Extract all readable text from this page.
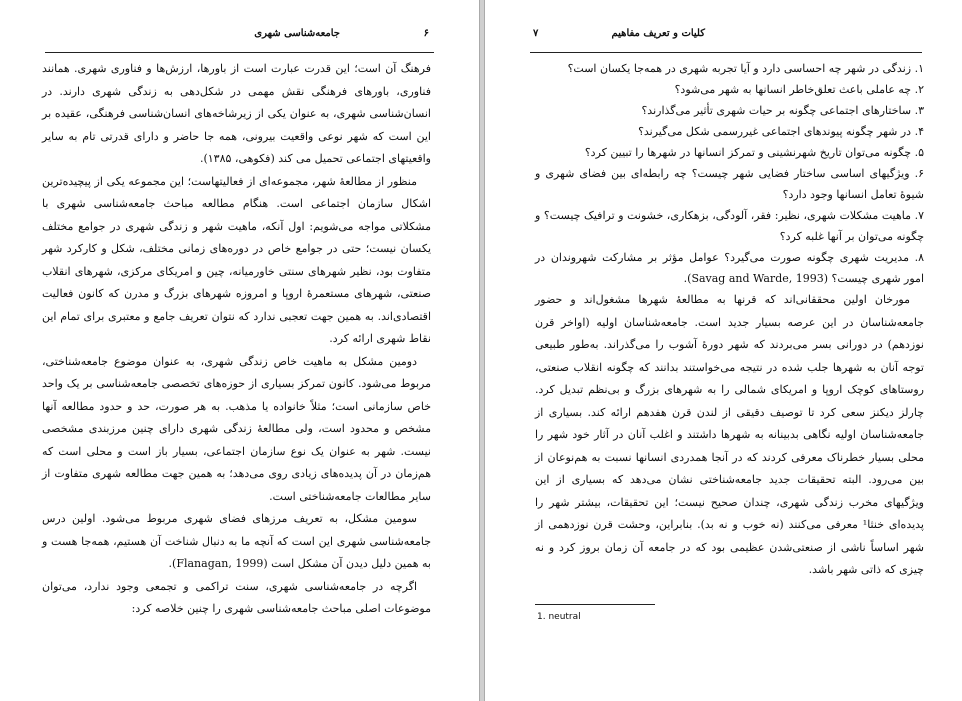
۶
جامعه‌شناسی شهری

فرهنگ آن است؛ این قدرت عبارت است از باورها، ارزش‌ها و فناوری شهری. همانند فناوری، باورهای فرهنگی نقش مهمی در شکل‌دهی به زندگی شهری دارند. در انسان‌شناسی شهری، به عنوان یکی از زیرشاخه‌های انسان‌شناسی فرهنگی، عقیده بر این است که شهر نوعی واقعیت بیرونی، همه جا حاضر و دارای قدرتی تام به سایر واقعیتهای اجتماعی تحمیل می کند (فکوهی، ۱۳۸۵).

منظور از مطالعهٔ شهر، مجموعه‌ای از فعالیتهاست؛ این مجموعه یکی از پیچیده‌ترین اشکال سازمان اجتماعی است. هنگام مطالعه مباحث جامعه‌شناسی شهری با مشکلاتی مواجه می‌شویم: اول آنکه، ماهیت شهر و زندگی شهری در جوامع مختلف یکسان نیست؛ حتی در جوامع خاص در دوره‌های زمانی مختلف، شکل و کارکرد شهر متفاوت بود، نظیر شهرهای سنتی خاورمیانه، چین و امریکای مرکزی، شهرهای انقلاب صنعتی، شهرهای مستعمرهٔ اروپا و امروزه شهرهای بزرگ و مدرن که کانون فعالیت اقتصادی‌اند. به همین جهت تعجبی ندارد که نتوان تعریف جامع و معتبری برای تمام این نقاط شهری ارائه کرد.

دومین مشکل به ماهیت خاص زندگی شهری، به عنوان موضوع جامعه‌شناختی، مربوط می‌شود. کانون تمرکز بسیاری از حوزه‌های تخصصی جامعه‌شناسی بر یک واحد خاص سازمانی است؛ مثلاً خانواده یا مذهب. به هر صورت، حد و حدود مطالعه آنها مشخص و محدود است، ولی مطالعهٔ زندگی شهری دارای چنین مرزبندی مشخصی نیست. شهر به عنوان یک نوع سازمان اجتماعی، بسیار باز است و محلی است که هم‌زمان در آن پدیده‌های زیادی روی می‌دهد؛ به همین جهت مطالعه شهری متفاوت از سایر مطالعات جامعه‌شناختی است.

سومین مشکل، به تعریف مرزهای فضای شهری مربوط می‌شود. اولین درس جامعه‌شناسی شهری این است که آنچه ما به دنبال شناخت آن هستیم، همه‌جا هست و به همین دلیل دیدن آن مشکل است (Flanagan, 1999).

اگرچه در جامعه‌شناسی شهری، سنت تراکمی و تجمعی وجود ندارد، می‌توان موضوعات اصلی مباحث جامعه‌شناسی شهری را چنین خلاصه کرد:

۷	کلیات و تعریف مفاهیم

۱. زندگی در شهر چه احساسی دارد و آیا تجربه شهری در همه‌جا یکسان است؟

۲. چه عاملی باعث تعلق‌خاطر انسانها به شهر می‌شود؟

۳. ساختارهای اجتماعی چگونه بر حیات شهری تأثیر می‌گذارند؟

۴. در شهر چگونه پیوندهای اجتماعی غیررسمی شکل می‌گیرند؟

۵. چگونه می‌توان تاریخ شهرنشینی و تمرکز انسانها در شهرها را تبیین کرد؟

۶. ویژگیهای اساسی ساختار فضایی شهر چیست؟ چه رابطه‌ای بین فضای شهری و شیوهٔ تعامل انسانها وجود دارد؟

۷. ماهیت مشکلات شهری، نظیر: فقر، آلودگی، بزهکاری، خشونت و ترافیک چیست؟ و چگونه می‌توان بر آنها غلبه کرد؟

۸. مدیریت شهری چگونه صورت می‌گیرد؟ عوامل مؤثر بر مشارکت شهروندان در امور شهری چیست؟ (Savag and Warde, 1993).

مورخان اولین محققانی‌اند که قرنها به مطالعهٔ شهرها مشغول‌اند و حضور جامعه‌شناسان در این عرصه بسیار جدید است. جامعه‌شناسان اولیه (اواخر قرن نوزدهم) در دورانی بسر می‌بردند که شهر دورهٔ آشوب را می‌گذراند. به‌طور طبیعی توجه آنان به شهرها جلب شده در نتیجه می‌خواستند بدانند که چگونه انقلاب صنعتی، روستاهای کوچک اروپا و امریکای شمالی را به شهرهای بزرگ و بی‌نظم تبدیل کرد. چارلز دیکنز سعی کرد تا توصیف دقیقی از لندن قرن هفدهم ارائه کند. بسیاری از جامعه‌شناسان اولیه نگاهی بدبینانه به شهرها داشتند و اغلب آنان در آثار خود شهر را محلی بسیار خطرناک معرفی کردند که در آنجا همدردی انسانها نسبت به هم‌نوعان از بین می‌رود. البته تحقیقات جدید جامعه‌شناختی نشان می‌دهد که بسیاری از این ویژگیهای مخرب زندگی شهری، چندان صحیح نیست؛ این تحقیقات، بیشتر شهر را پدیده‌ای خنثا¹ معرفی می‌کنند (نه خوب و نه بد). بنابراین، وحشت قرن نوزدهمی از شهر اساساً ناشی از صنعتی‌شدن عظیمی بود که در جامعه آن زمان بروز کرد و نه چیزی که ذاتی شهر باشد.

1. neutral
